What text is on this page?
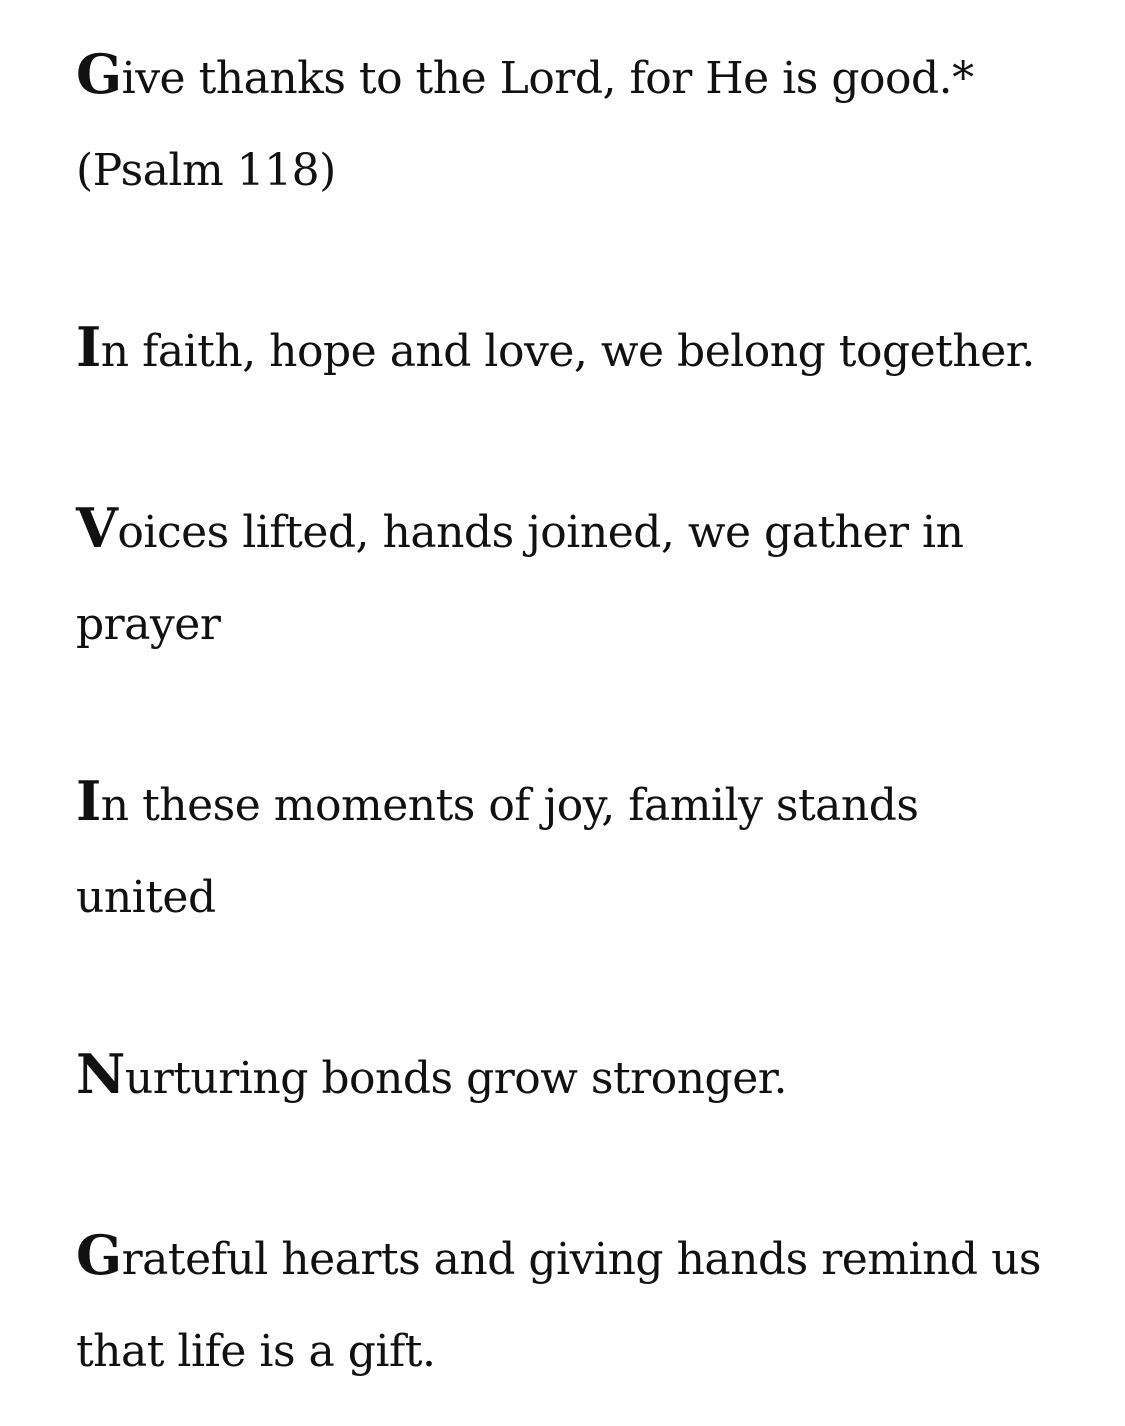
Give thanks to the Lord, for He is good.* (Psalm 118)

In faith, hope and love, we belong together.

Voices lifted, hands joined, we gather in prayer

In these moments of joy, family stands united

Nurturing bonds grow stronger.

Grateful hearts and giving hands remind us that life is a gift.
